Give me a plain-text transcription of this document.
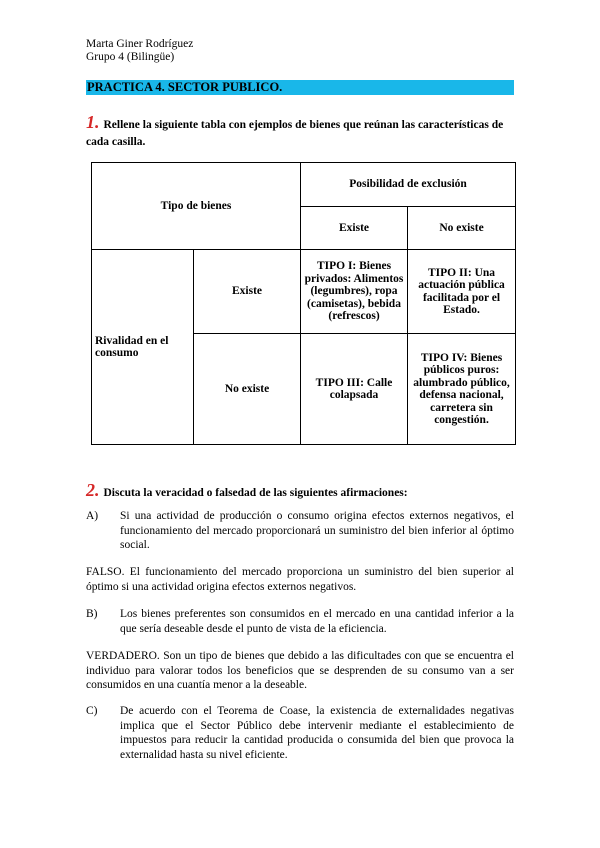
Marta Giner Rodríguez
Grupo 4 (Bilingüe)
PRACTICA 4. SECTOR PUBLICO.
1. Rellene la siguiente tabla con ejemplos de bienes que reúnan las características de cada casilla.
Tipo de bienes		Posibilidad de exclusión	
		Existe	No existe
Rivalidad en el consumo	Existe	TIPO I: Bienes privados: Alimentos (legumbres), ropa (camisetas), bebida (refrescos)	TIPO II: Una actuación pública facilitada por el Estado.
	No existe	TIPO III: Calle colapsada	TIPO IV: Bienes públicos puros: alumbrado público, defensa nacional, carretera sin congestión.
2. Discuta la veracidad o falsedad de las siguientes afirmaciones:
A)	Si una actividad de producción o consumo origina efectos externos negativos, el funcionamiento del mercado proporcionará un suministro del bien inferior al óptimo social.
FALSO. El funcionamiento del mercado proporciona un suministro del bien superior al óptimo si una actividad origina efectos externos negativos.
B)	Los bienes preferentes son consumidos en el mercado en una cantidad inferior a la que sería deseable desde el punto de vista de la eficiencia.
VERDADERO. Son un tipo de bienes que debido a las dificultades con que se encuentra el individuo para valorar todos los beneficios que se desprenden de su consumo van a ser consumidos en una cuantía menor a la deseable.
C)	De acuerdo con el Teorema de Coase, la existencia de externalidades negativas implica que el Sector Público debe intervenir mediante el establecimiento de impuestos para reducir la cantidad producida o consumida del bien que provoca la externalidad hasta su nivel eficiente.
